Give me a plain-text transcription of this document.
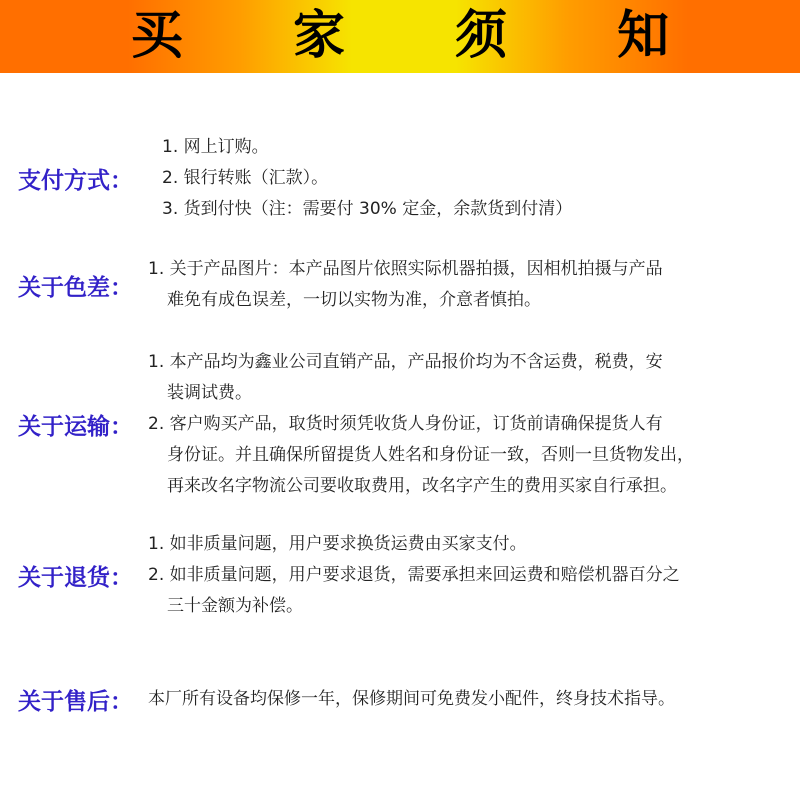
买 家 须 知
支付方式：
1. 网上订购。
2. 银行转账（汇款）。
3. 货到付快（注：需要付 30% 定金，余款货到付清）
关于色差：
1. 关于产品图片：本产品图片依照实际机器拍摄，因相机拍摄与产品
难免有成色误差，一切以实物为准，介意者慎拍。
关于运输：
1. 本产品均为鑫业公司直销产品，产品报价均为不含运费，税费，安
装调试费。
2. 客户购买产品，取货时须凭收货人身份证，订货前请确保提货人有
身份证。并且确保所留提货人姓名和身份证一致，否则一旦货物发出，
再来改名字物流公司要收取费用，改名字产生的费用买家自行承担。
关于退货：
1. 如非质量问题，用户要求换货运费由买家支付。
2. 如非质量问题，用户要求退货，需要承担来回运费和赔偿机器百分之
三十金额为补偿。
关于售后： 本厂所有设备均保修一年，保修期间可免费发小配件，终身技术指导。
